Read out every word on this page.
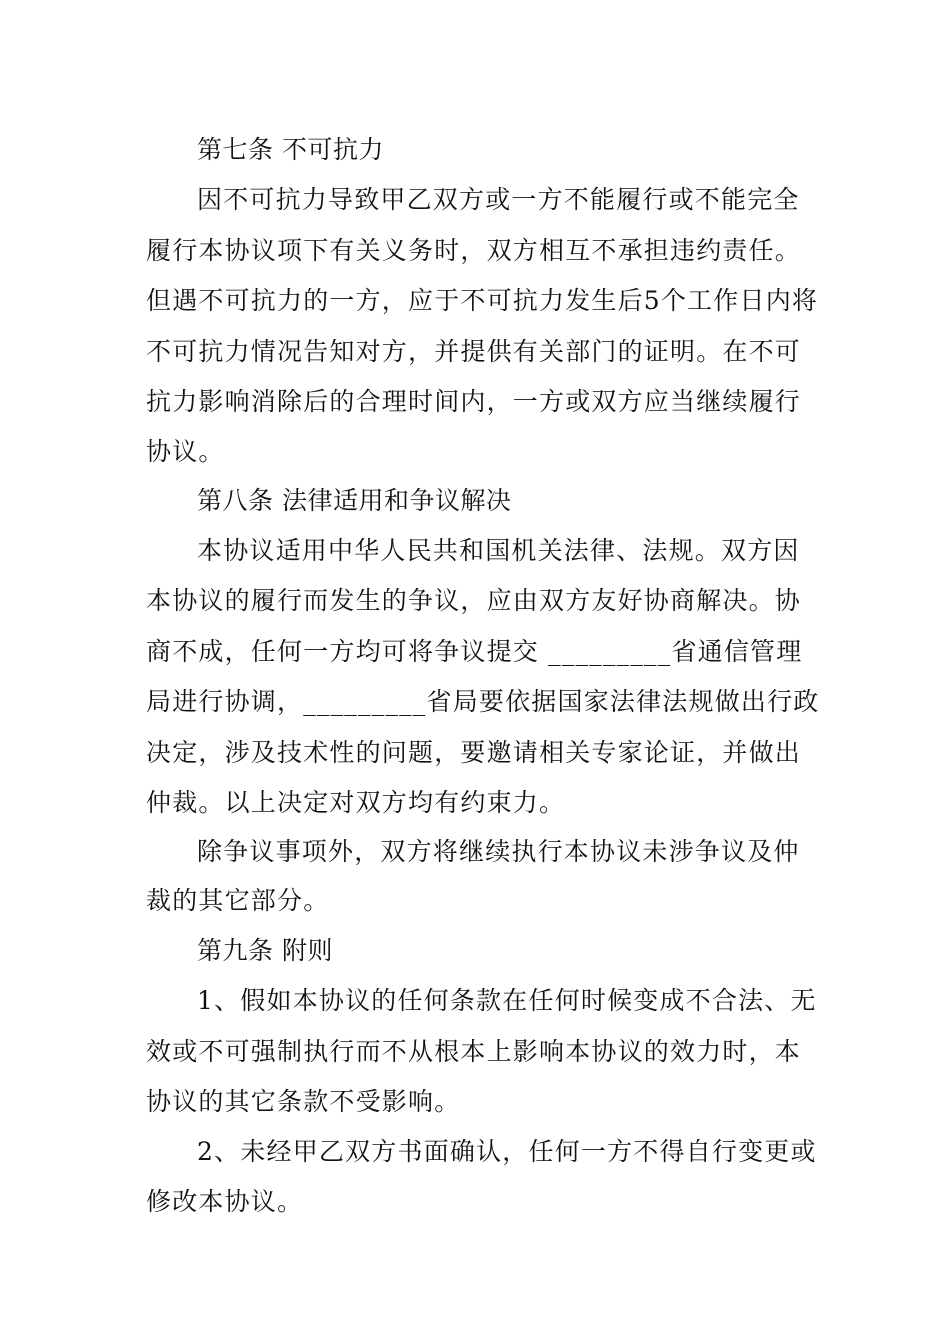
第七条 不可抗力
因不可抗力导致甲乙双方或一方不能履行或不能完全
履行本协议项下有关义务时，双方相互不承担违约责任。
但遇不可抗力的一方，应于不可抗力发生后5个工作日内将
不可抗力情况告知对方，并提供有关部门的证明。在不可
抗力影响消除后的合理时间内，一方或双方应当继续履行
协议。
第八条 法律适用和争议解决
本协议适用中华人民共和国机关法律、法规。双方因
本协议的履行而发生的争议，应由双方友好协商解决。协
商不成，任何一方均可将争议提交 _________省通信管理
局进行协调，_________省局要依据国家法律法规做出行政
决定，涉及技术性的问题，要邀请相关专家论证，并做出
仲裁。以上决定对双方均有约束力。
除争议事项外，双方将继续执行本协议未涉争议及仲
裁的其它部分。
第九条 附则
1、假如本协议的任何条款在任何时候变成不合法、无
效或不可强制执行而不从根本上影响本协议的效力时，本
协议的其它条款不受影响。
2、未经甲乙双方书面确认，任何一方不得自行变更或
修改本协议。
